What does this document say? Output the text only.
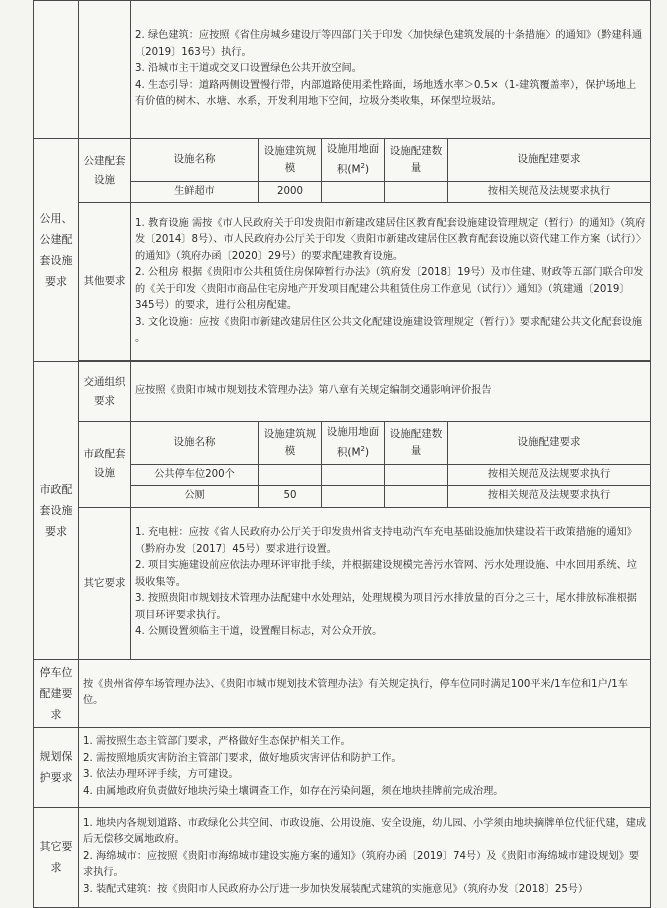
		2. 绿色建筑：应按照《省住房城乡建设厅等四部门关于印发〈加快绿色建筑发展的十条措施〉的通知》（黔建科通〔2019〕163号）执行。

3. 沿城市主干道或交叉口设置绿色公共开放空间。

4. 生态引导：道路两侧设置慢行带，内部道路使用柔性路面，场地透水率＞0.5×（1-建筑覆盖率），保护场地上有价值的树木、水塘、水系，开发利用地下空间，垃圾分类收集，环保型垃圾站。				

公用、公建配套设施要求	公建配套设施	设施名称	设施建筑规模	设施用地面积$(M^2)$	设施配建数量	设施配建要求
		生鲜超市	2000			按相关规范及法规要求执行
	其他要求	1. 教育设施 需按《市人民政府关于印发贵阳市新建改建居住区教育配套设施建设管理规定（暂行）的通知》（筑府发〔2014〕8号）、市人民政府办公厅关于印发〈贵阳市新建改建居住区教育配套设施以资代建工作方案（试行）〉的通知》（筑府办函〔2020〕29号）的要求配建教育设施。

2. 公租房 根据《贵阳市公共租赁住房保障暂行办法》（筑府发〔2018〕19号）及市住建、财政等五部门联合印发的《关于印发〈贵阳市商品住宅房地产开发项目配建公共租赁住房工作意见（试行）〉通知》（筑建通〔2019〕345号）的要求，进行公租房配建。

3. 文化设施：应按《贵阳市新建改建居住区公共文化配建设施建设管理规定（暂行）》要求配建公共文化配套设施 。				

市政配套设施要求	交通组织要求	应按照《贵阳市城市规划技术管理办法》第八章有关规定编制交通影响评价报告				
	市政配套设施	设施名称	设施建筑规模	设施用地面积$(M^2)$	设施配建数量	设施配建要求
		公共停车位200个				按相关规范及法规要求执行
		公厕	50			按相关规范及法规要求执行
	其它要求	1. 充电桩：应按《省人民政府办公厅关于印发贵州省支持电动汽车充电基础设施加快建设若干政策措施的通知》（黔府办发〔2017〕45号）要求进行设置。

2. 项目实施建设前应依法办理环评审批手续，并根据建设规模完善污水管网、污水处理设施、中水回用系统、垃圾收集等。

3. 按照贵阳市规划技术管理办法配建中水处理站，处理规模为项目污水排放量的百分之三十，尾水排放标准根据项目环评要求执行。

4. 公厕设置须临主干道，设置醒目标志，对公众开放。				

停车位配建要求	按《贵州省停车场管理办法》、《贵阳市城市规划技术管理办法》有关规定执行，停车位同时满足100平米/1车位和1户/1车位。					
规划保护要求	1. 需按照生态主管部门要求，严格做好生态保护相关工作。

2. 需按照地质灾害防治主管部门要求，做好地质灾害评估和防护工作。

3. 依法办理环评手续，方可建设。

4. 由属地政府负责做好地块污染土壤调查工作，如存在污染问题，须在地块挂牌前完成治理。					

其它要求	1. 地块内各规划道路、市政绿化公共空间、市政设施、公用设施、安全设施，幼儿园、小学须由地块摘牌单位代征代建，建成后无偿移交属地政府。

2. 海绵城市：应按照《贵阳市海绵城市建设实施方案的通知》（筑府办函〔2019〕74号）及《贵阳市海绵城市建设规划》要求执行。

3. 装配式建筑：按《贵阳市人民政府办公厅进一步加快发展装配式建筑的实施意见》（筑府办发〔2018〕25号）					
